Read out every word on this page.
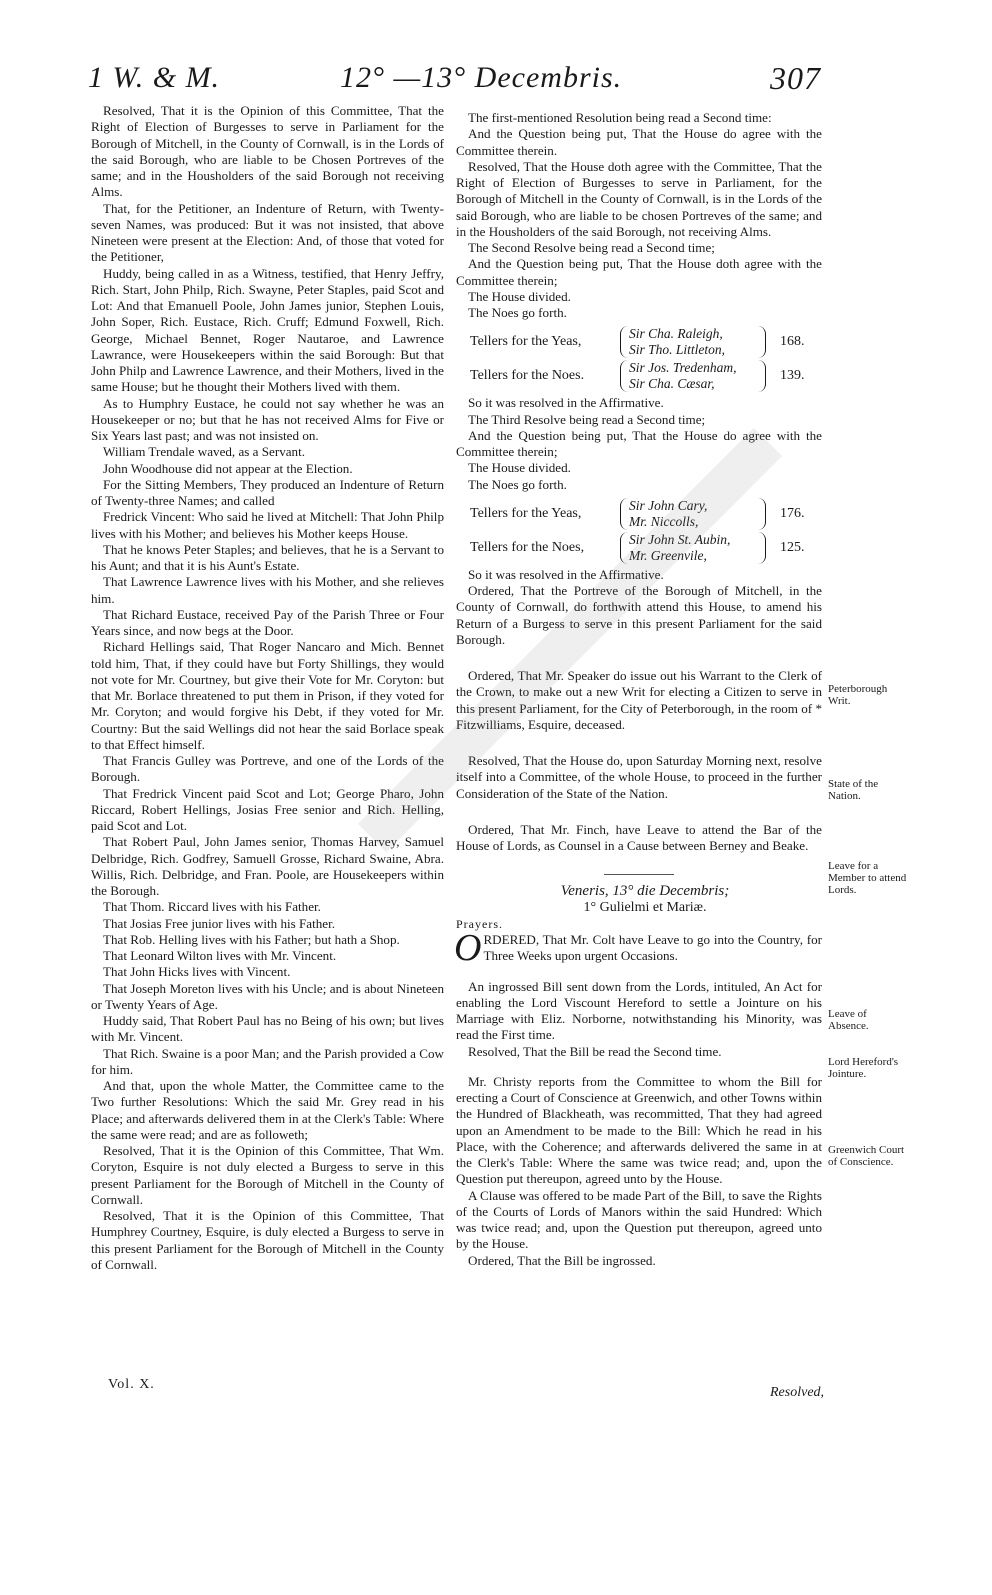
1 W. & M.	12° —13° Decembris.	307

Resolved, That it is the Opinion of this Committee, That the Right of Election of Burgesses to serve in Parliament for the Borough of Mitchell, in the County of Cornwall, is in the Lords of the said Borough, who are liable to be Chosen Portreves of the same; and in the Housholders of the said Borough not receiving Alms.

That, for the Petitioner, an Indenture of Return, with Twenty-seven Names, was produced: But it was not insisted, that above Nineteen were present at the Election: And, of those that voted for the Petitioner,

Huddy, being called in as a Witness, testified, that Henry Jeffry, Rich. Start, John Philp, Rich. Swayne, Peter Staples, paid Scot and Lot: And that Emanuell Poole, John James junior, Stephen Louis, John Soper, Rich. Eustace, Rich. Cruff; Edmund Foxwell, Rich. George, Michael Bennet, Roger Nautaroe, and Lawrence Lawrance, were Housekeepers within the said Borough: But that John Philp and Lawrence Lawrence, and their Mothers, lived in the same House; but he thought their Mothers lived with them.

As to Humphry Eustace, he could not say whether he was an Housekeeper or no; but that he has not received Alms for Five or Six Years last past; and was not insisted on.

William Trendale waved, as a Servant.

John Woodhouse did not appear at the Election.

For the Sitting Members, They produced an Indenture of Return of Twenty-three Names; and called

Fredrick Vincent: Who said he lived at Mitchell: That John Philp lives with his Mother; and believes his Mother keeps House.

That he knows Peter Staples; and believes, that he is a Servant to his Aunt; and that it is his Aunt's Estate.

That Lawrence Lawrence lives with his Mother, and she relieves him.

That Richard Eustace, received Pay of the Parish Three or Four Years since, and now begs at the Door.

Richard Hellings said, That Roger Nancaro and Mich. Bennet told him, That, if they could have but Forty Shillings, they would not vote for Mr. Courtney, but give their Vote for Mr. Coryton: but that Mr. Borlace threatened to put them in Prison, if they voted for Mr. Coryton; and would forgive his Debt, if they voted for Mr. Courtny: But the said Wellings did not hear the said Borlace speak to that Effect himself.

That Francis Gulley was Portreve, and one of the Lords of the Borough.

That Fredrick Vincent paid Scot and Lot; George Pharo, John Riccard, Robert Hellings, Josias Free senior and Rich. Helling, paid Scot and Lot.

That Robert Paul, John James senior, Thomas Harvey, Samuel Delbridge, Rich. Godfrey, Samuell Grosse, Richard Swaine, Abra. Willis, Rich. Delbridge, and Fran. Poole, are Housekeepers within the Borough.

That Thom. Riccard lives with his Father.

That Josias Free junior lives with his Father.

That Rob. Helling lives with his Father; but hath a Shop.

That Leonard Wilton lives with Mr. Vincent.

That John Hicks lives with Vincent.

That Joseph Moreton lives with his Uncle; and is about Nineteen or Twenty Years of Age.

Huddy said, That Robert Paul has no Being of his own; but lives with Mr. Vincent.

That Rich. Swaine is a poor Man; and the Parish provided a Cow for him.

And that, upon the whole Matter, the Committee came to the Two further Resolutions: Which the said Mr. Grey read in his Place; and afterwards delivered them in at the Clerk's Table: Where the same were read; and are as followeth;

Resolved, That it is the Opinion of this Committee, That Wm. Coryton, Esquire is not duly elected a Burgess to serve in this present Parliament for the Borough of Mitchell in the County of Cornwall.

Resolved, That it is the Opinion of this Committee, That Humphrey Courtney, Esquire, is duly elected a Burgess to serve in this present Parliament for the Borough of Mitchell in the County of Cornwall.

The first-mentioned Resolution being read a Second time:

And the Question being put, That the House do agree with the Committee therein.

Resolved, That the House doth agree with the Committee, That the Right of Election of Burgesses to serve in Parliament, for the Borough of Mitchell in the County of Cornwall, is in the Lords of the said Borough, who are liable to be chosen Portreves of the same; and in the Housholders of the said Borough, not receiving Alms.

The Second Resolve being read a Second time;

And the Question being put, That the House doth agree with the Committee therein;

The House divided.

The Noes go forth.

Tellers for the Yeas,
Sir Cha. Raleigh,
Sir Tho. Littleton,
168.
Tellers for the Noes.
Sir Jos. Tredenham,
Sir Cha. Cæsar,
139.

So it was resolved in the Affirmative.

The Third Resolve being read a Second time;

And the Question being put, That the House do agree with the Committee therein;

The House divided.

The Noes go forth.

Tellers for the Yeas,
Sir John Cary,
Mr. Niccolls,
176.
Tellers for the Noes,
Sir John St. Aubin,
Mr. Greenvile,
125.

So it was resolved in the Affirmative.

Ordered, That the Portreve of the Borough of Mitchell, in the County of Cornwall, do forthwith attend this House, to amend his Return of a Burgess to serve in this present Parliament for the said Borough.

Ordered, That Mr. Speaker do issue out his Warrant to the Clerk of the Crown, to make out a new Writ for electing a Citizen to serve in this present Parliament, for the City of Peterborough, in the room of * Fitzwilliams, Esquire, deceased.

Resolved, That the House do, upon Saturday Morning next, resolve itself into a Committee, of the whole House, to proceed in the further Consideration of the State of the Nation.

Ordered, That Mr. Finch, have Leave to attend the Bar of the House of Lords, as Counsel in a Cause between Berney and Beake.

Veneris, 13° die Decembris;

1° Gulielmi et Mariæ.

Prayers.

ORDERED, That Mr. Colt have Leave to go into the Country, for Three Weeks upon urgent Occasions.

An ingrossed Bill sent down from the Lords, intituled, An Act for enabling the Lord Viscount Hereford to settle a Jointure on his Marriage with Eliz. Norborne, notwithstanding his Minority, was read the First time.

Resolved, That the Bill be read the Second time.

Mr. Christy reports from the Committee to whom the Bill for erecting a Court of Conscience at Greenwich, and other Towns within the Hundred of Blackheath, was recommitted, That they had agreed upon an Amendment to be made to the Bill: Which he read in his Place, with the Coherence; and afterwards delivered the same in at the Clerk's Table: Where the same was twice read; and, upon the Question put thereupon, agreed unto by the House.

A Clause was offered to be made Part of the Bill, to save the Rights of the Courts of Lords of Manors within the said Hundred: Which was twice read; and, upon the Question put thereupon, agreed unto by the House.

Ordered, That the Bill be ingrossed.

Peterborough Writ.
State of the Nation.
Leave for a Member to attend Lords.
Leave of Absence.
Lord Hereford's Jointure.
Greenwich Court of Conscience.
Vol. X.
Resolved,
